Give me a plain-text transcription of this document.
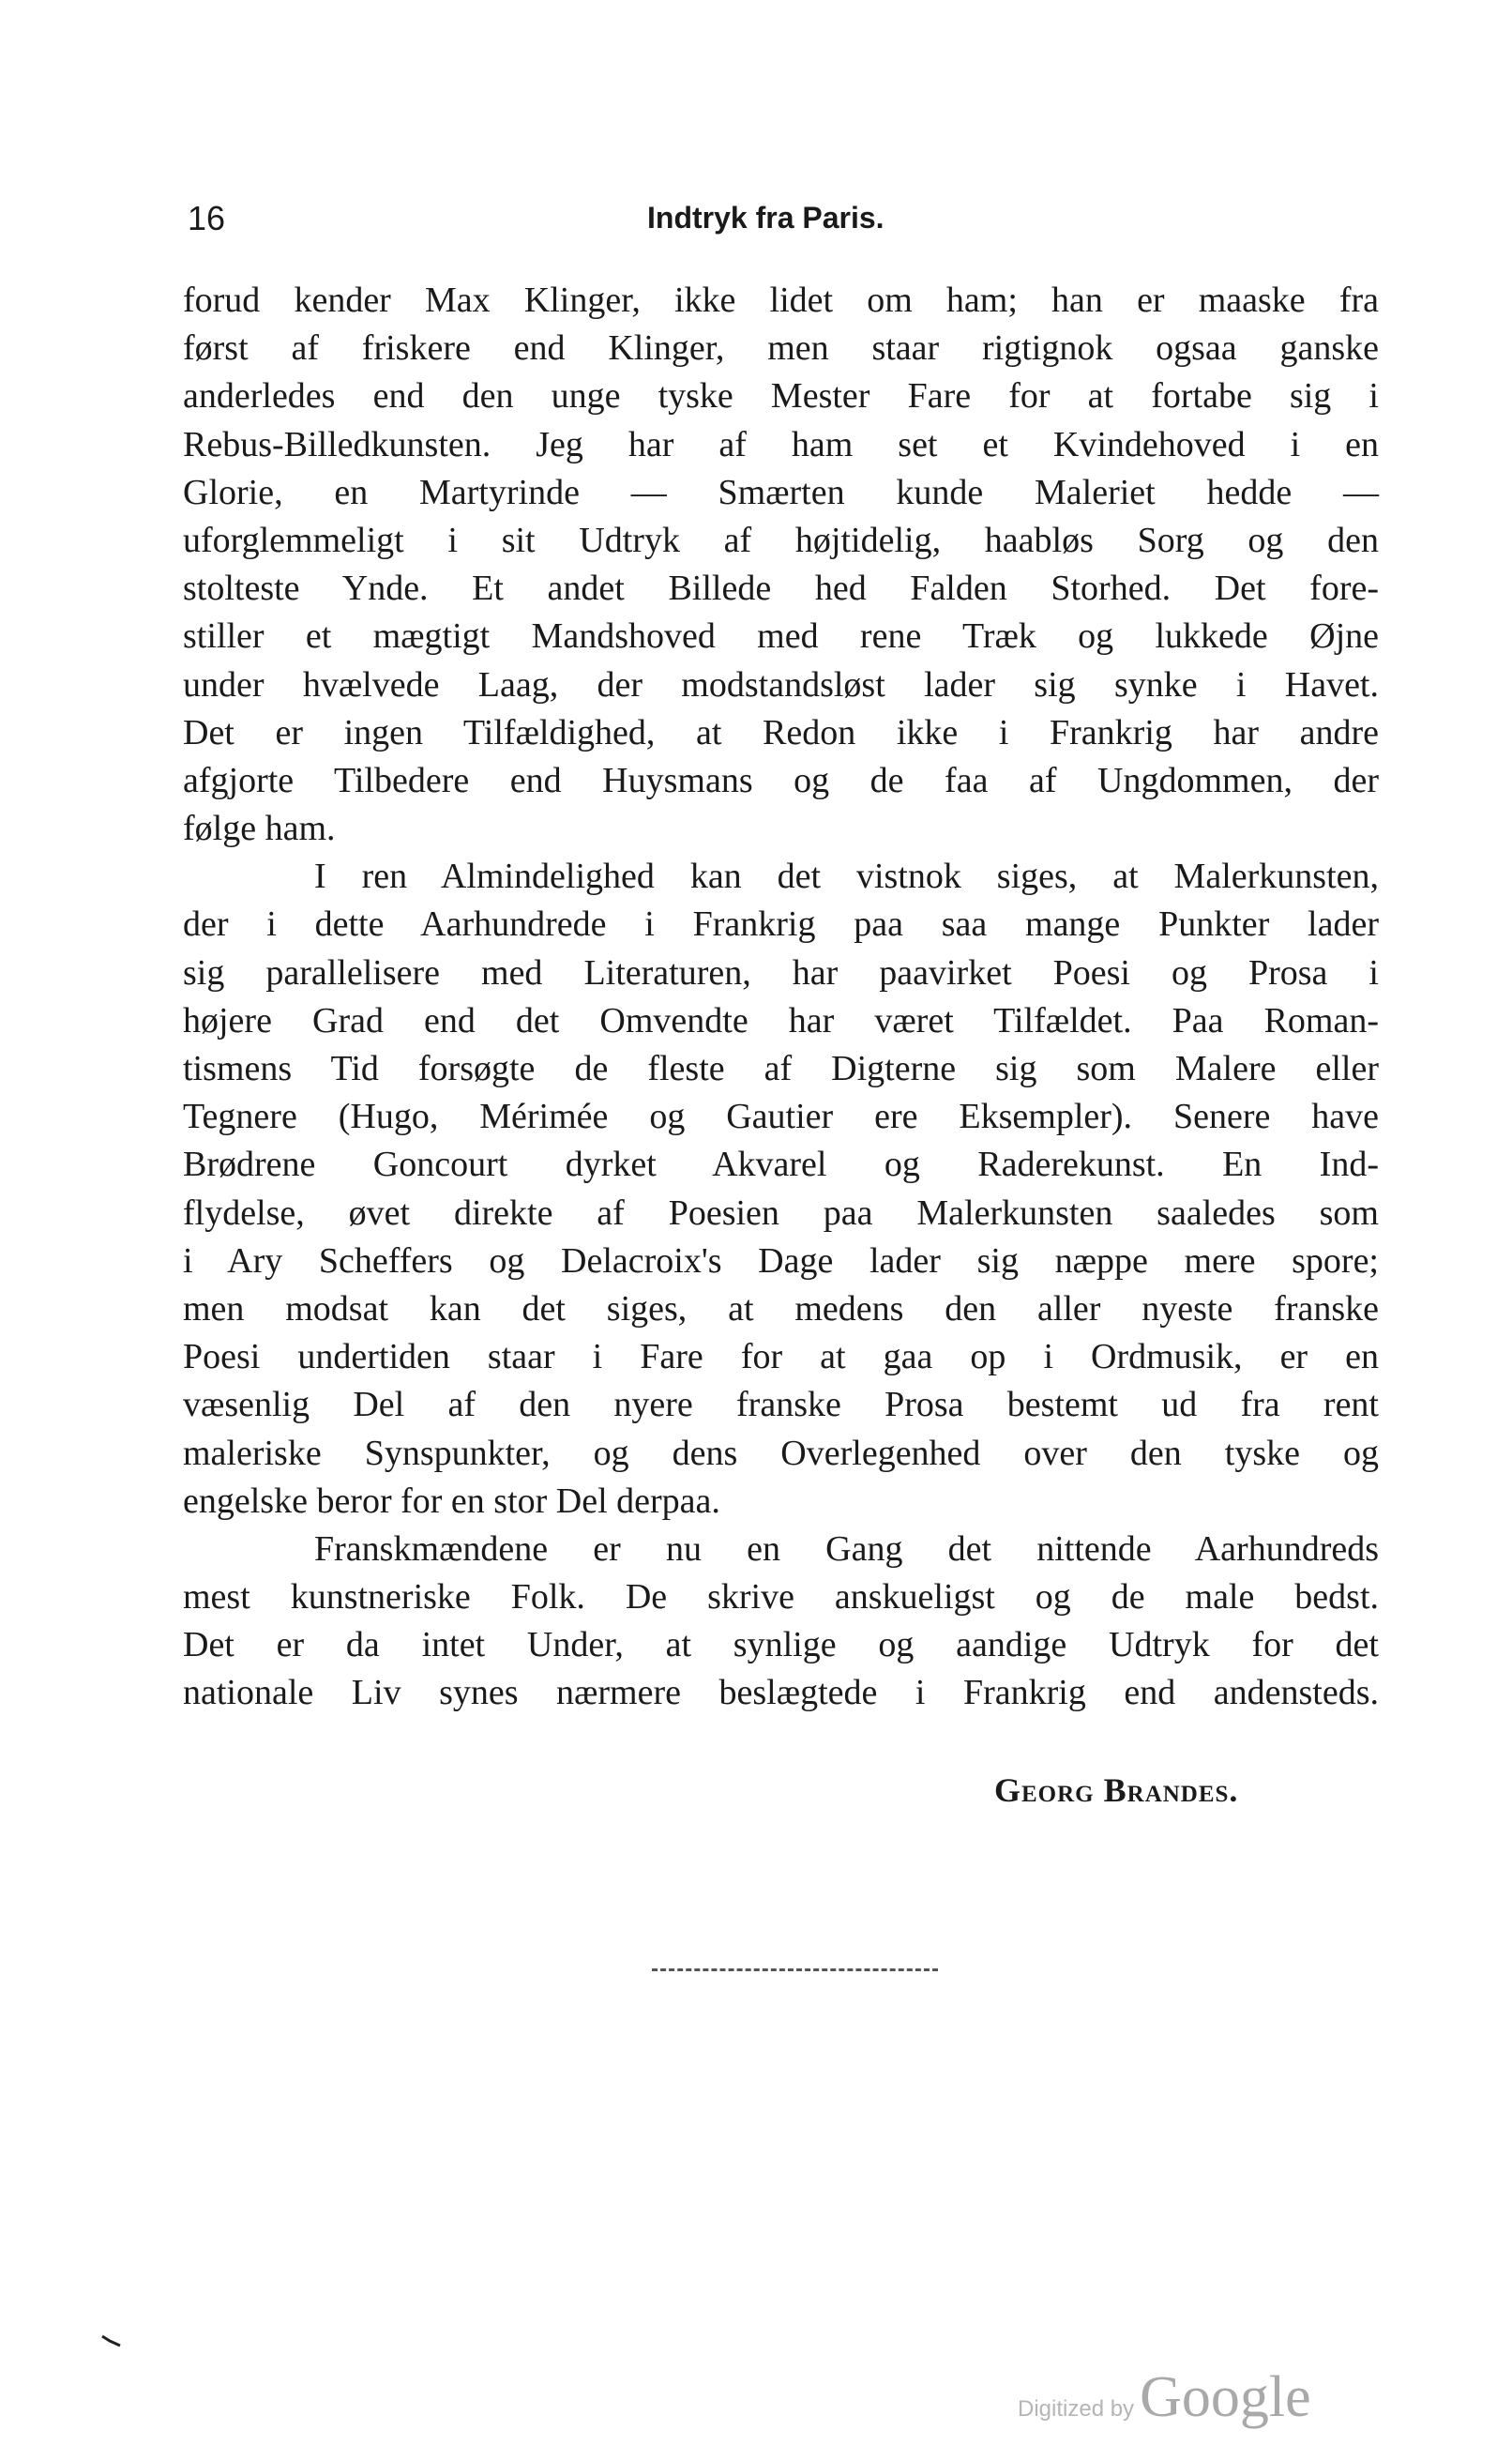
16	Indtryk fra Paris.
forud kender Max Klinger, ikke lidet om ham; han er maaske fra
først af friskere end Klinger, men staar rigtignok ogsaa ganske
anderledes end den unge tyske Mester Fare for at fortabe sig i
Rebus-Billedkunsten. Jeg har af ham set et Kvindehoved i en
Glorie, en Martyrinde — Smærten kunde Maleriet hedde —
uforglemmeligt i sit Udtryk af højtidelig, haabløs Sorg og den
stolteste Ynde. Et andet Billede hed Falden Storhed. Det fore-
stiller et mægtigt Mandshoved med rene Træk og lukkede Øjne
under hvælvede Laag, der modstandsløst lader sig synke i Havet.
Det er ingen Tilfældighed, at Redon ikke i Frankrig har andre
afgjorte Tilbedere end Huysmans og de faa af Ungdommen, der
følge ham.
I ren Almindelighed kan det vistnok siges, at Malerkunsten,
der i dette Aarhundrede i Frankrig paa saa mange Punkter lader
sig parallelisere med Literaturen, har paavirket Poesi og Prosa i
højere Grad end det Omvendte har været Tilfældet. Paa Roman-
tismens Tid forsøgte de fleste af Digterne sig som Malere eller
Tegnere (Hugo, Mérimée og Gautier ere Eksempler). Senere have
Brødrene Goncourt dyrket Akvarel og Raderekunst. En Ind-
flydelse, øvet direkte af Poesien paa Malerkunsten saaledes som
i Ary Scheffers og Delacroix's Dage lader sig næppe mere spore;
men modsat kan det siges, at medens den aller nyeste franske
Poesi undertiden staar i Fare for at gaa op i Ordmusik, er en
væsenlig Del af den nyere franske Prosa bestemt ud fra rent
maleriske Synspunkter, og dens Overlegenhed over den tyske og
engelske beror for en stor Del derpaa.
Franskmændene er nu en Gang det nittende Aarhundreds
mest kunstneriske Folk. De skrive anskueligst og de male bedst.
Det er da intet Under, at synlige og aandige Udtryk for det
nationale Liv synes nærmere beslægtede i Frankrig end andensteds.
Georg Brandes.
Digitized by Google
